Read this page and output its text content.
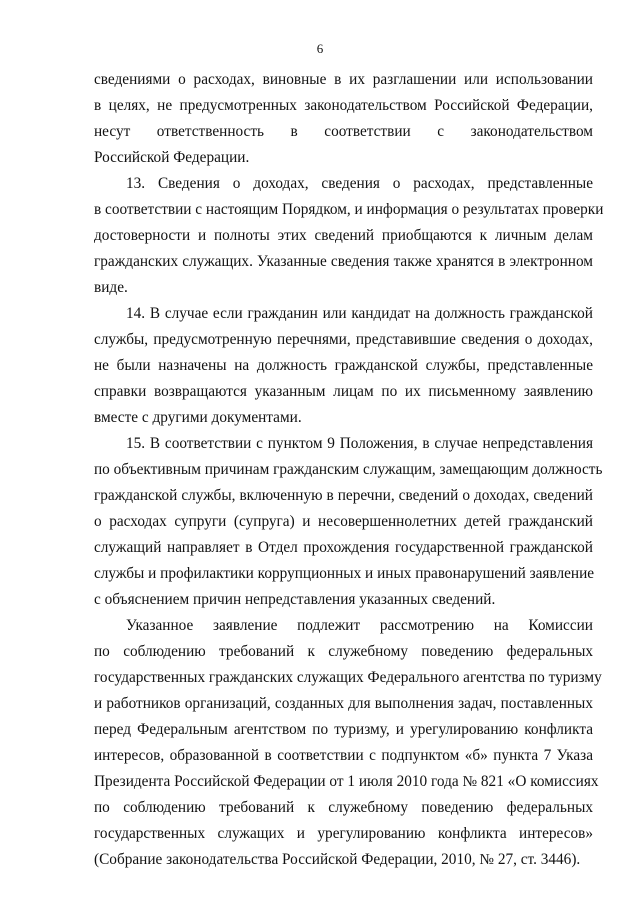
6
сведениями о расходах, виновные в их разглашении или использовании
в целях, не предусмотренных законодательством Российской Федерации,
несут ответственность в соответствии с законодательством
Российской Федерации.
13. Сведения о доходах, сведения о расходах, представленные
в соответствии с настоящим Порядком, и информация о результатах проверки
достоверности и полноты этих сведений приобщаются к личным делам
гражданских служащих. Указанные сведения также хранятся в электронном
виде.
14. В случае если гражданин или кандидат на должность гражданской
службы, предусмотренную перечнями, представившие сведения о доходах,
не были назначены на должность гражданской службы, представленные
справки возвращаются указанным лицам по их письменному заявлению
вместе с другими документами.
15. В соответствии с пунктом 9 Положения, в случае непредставления
по объективным причинам гражданским служащим, замещающим должность
гражданской службы, включенную в перечни, сведений о доходах, сведений
о расходах супруги (супруга) и несовершеннолетних детей гражданский
служащий направляет в Отдел прохождения государственной гражданской
службы и профилактики коррупционных и иных правонарушений заявление
с объяснением причин непредставления указанных сведений.
Указанное заявление подлежит рассмотрению на Комиссии
по соблюдению требований к служебному поведению федеральных
государственных гражданских служащих Федерального агентства по туризму
и работников организаций, созданных для выполнения задач, поставленных
перед Федеральным агентством по туризму, и урегулированию конфликта
интересов, образованной в соответствии с подпунктом «б» пункта 7 Указа
Президента Российской Федерации от 1 июля 2010 года № 821 «О комиссиях
по соблюдению требований к служебному поведению федеральных
государственных служащих и урегулированию конфликта интересов»
(Собрание законодательства Российской Федерации, 2010, № 27, ст. 3446).
